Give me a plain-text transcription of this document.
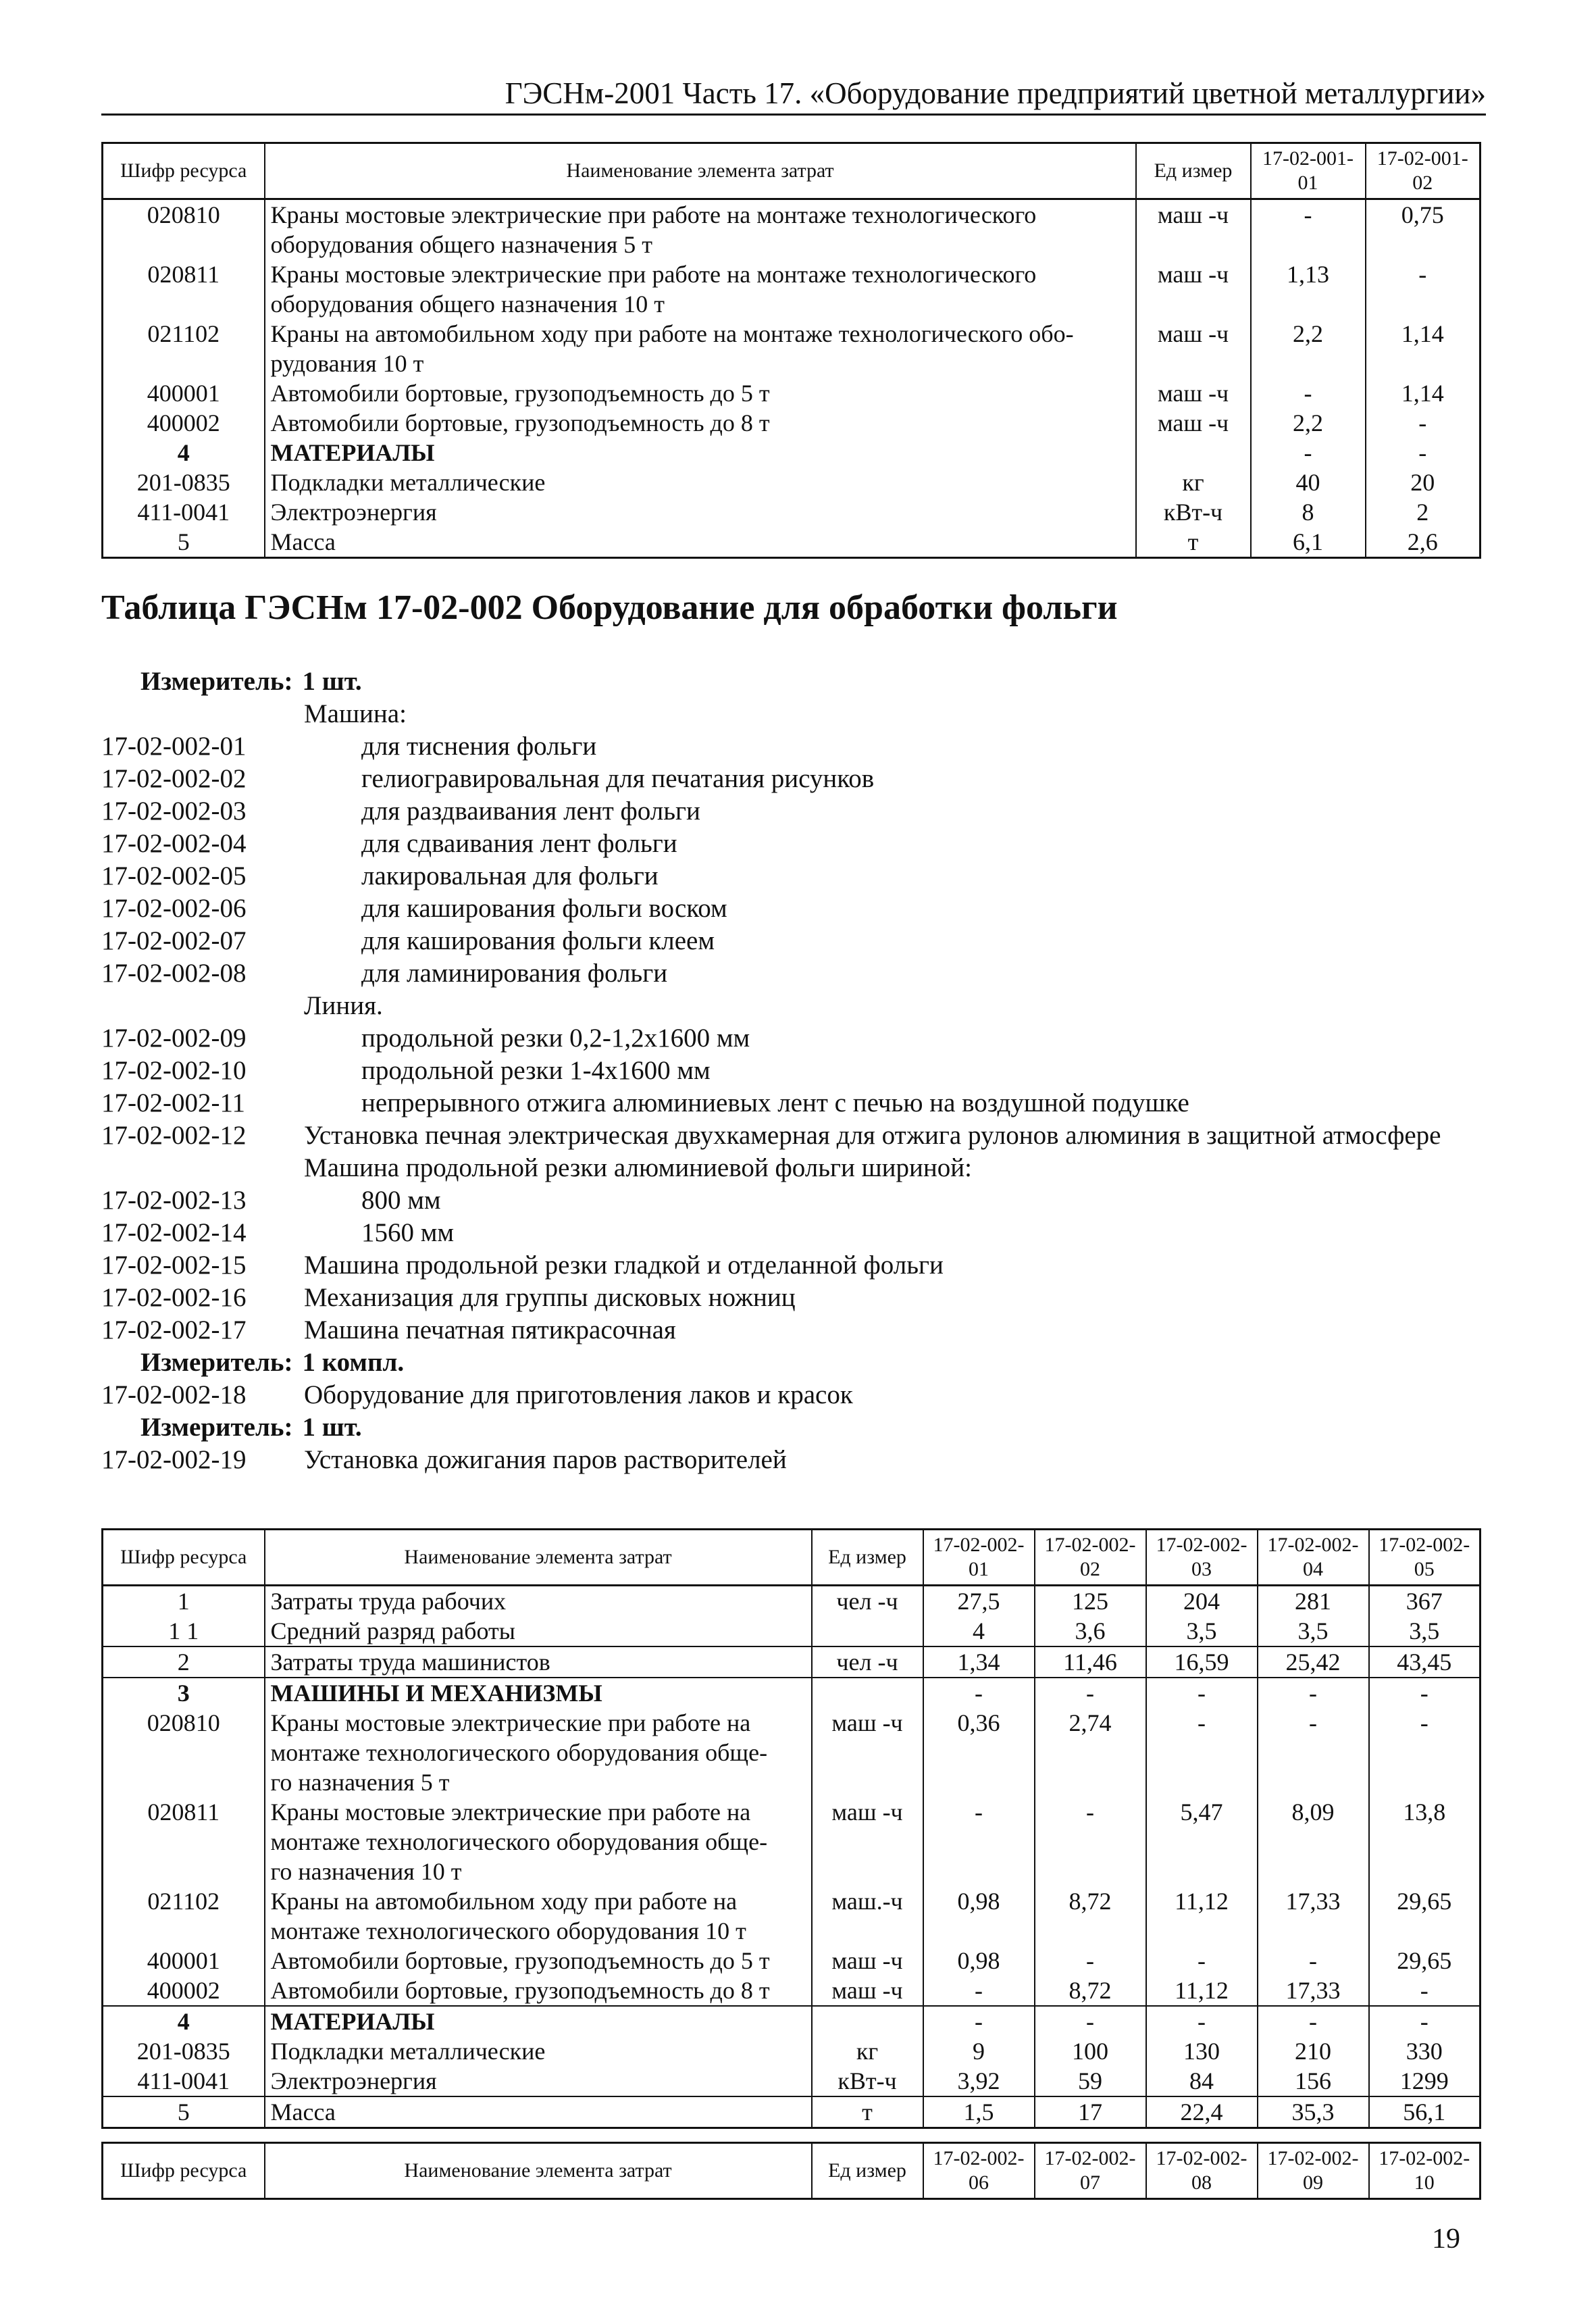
ГЭСНм-2001 Часть 17. «Оборудование предприятий цветной металлургии»
Шифр ресурса	Наименование элемента затрат	Ед измер	17-02-001-01	17-02-001-02
020810	Краны мостовые электрические при работе на монтаже технологического
оборудования общего назначения 5 т	маш -ч	-	0,75
020811	Краны мостовые электрические при работе на монтаже технологического
оборудования общего назначения 10 т	маш -ч	1,13	-
021102	Краны на автомобильном ходу при работе на монтаже технологического обо-
рудования 10 т	маш -ч	2,2	1,14
400001	Автомобили бортовые, грузоподъемность до 5 т	маш -ч	-	1,14
400002	Автомобили бортовые, грузоподъемность до 8 т	маш -ч	2,2	-
4	МАТЕРИАЛЫ		-	-
201-0835	Подкладки металлические	кг	40	20
411-0041	Электроэнергия	кВт-ч	8	2
5	Масса	т	6,1	2,6
Таблица ГЭСНм 17-02-002 Оборудование для обработки фольги
Измеритель: 1 шт.
Машина:
17-02-002-01	для тиснения фольги
17-02-002-02	гелиогравировальная для печатания рисунков
17-02-002-03	для раздваивания лент фольги
17-02-002-04	для сдваивания лент фольги
17-02-002-05	лакировальная для фольги
17-02-002-06	для каширования фольги воском
17-02-002-07	для каширования фольги клеем
17-02-002-08	для ламинирования фольги
Линия.
17-02-002-09	продольной резки 0,2-1,2х1600 мм
17-02-002-10	продольной резки 1-4х1600 мм
17-02-002-11	непрерывного отжига алюминиевых лент с печью на воздушной подушке
17-02-002-12	Установка печная электрическая двухкамерная для отжига рулонов алюминия в защитной атмосфере
Машина продольной резки алюминиевой фольги шириной:
17-02-002-13	800 мм
17-02-002-14	1560 мм
17-02-002-15	Машина продольной резки гладкой и отделанной фольги
17-02-002-16	Механизация для группы дисковых ножниц
17-02-002-17	Машина печатная пятикрасочная
Измеритель: 1 компл.
17-02-002-18	Оборудование для приготовления лаков и красок
Измеритель: 1 шт.
17-02-002-19	Установка дожигания паров растворителей
Шифр ресурса	Наименование элемента затрат	Ед измер	17-02-002-01	17-02-002-02	17-02-002-03	17-02-002-04	17-02-002-05
1	Затраты труда рабочих	чел -ч	27,5	125	204	281	367
1 1	Средний разряд работы		4	3,6	3,5	3,5	3,5
2	Затраты труда машинистов	чел -ч	1,34	11,46	16,59	25,42	43,45
3	МАШИНЫ И МЕХАНИЗМЫ		-	-	-	-	-
020810	Краны мостовые электрические при работе на
монтаже технологического оборудования обще-
го назначения 5 т	маш -ч	0,36	2,74	-	-	-
020811	Краны мостовые электрические при работе на
монтаже технологического оборудования обще-
го назначения 10 т	маш -ч	-	-	5,47	8,09	13,8
021102	Краны на автомобильном ходу при работе на
монтаже технологического оборудования 10 т	маш.-ч	0,98	8,72	11,12	17,33	29,65
400001	Автомобили бортовые, грузоподъемность до 5 т	маш -ч	0,98	-	-	-	29,65
400002	Автомобили бортовые, грузоподъемность до 8 т	маш -ч	-	8,72	11,12	17,33	-
4	МАТЕРИАЛЫ		-	-	-	-	-
201-0835	Подкладки металлические	кг	9	100	130	210	330
411-0041	Электроэнергия	кВт-ч	3,92	59	84	156	1299
5	Масса	т	1,5	17	22,4	35,3	56,1
Шифр ресурса	Наименование элемента затрат	Ед измер	17-02-002-06	17-02-002-07	17-02-002-08	17-02-002-09	17-02-002-10
19
